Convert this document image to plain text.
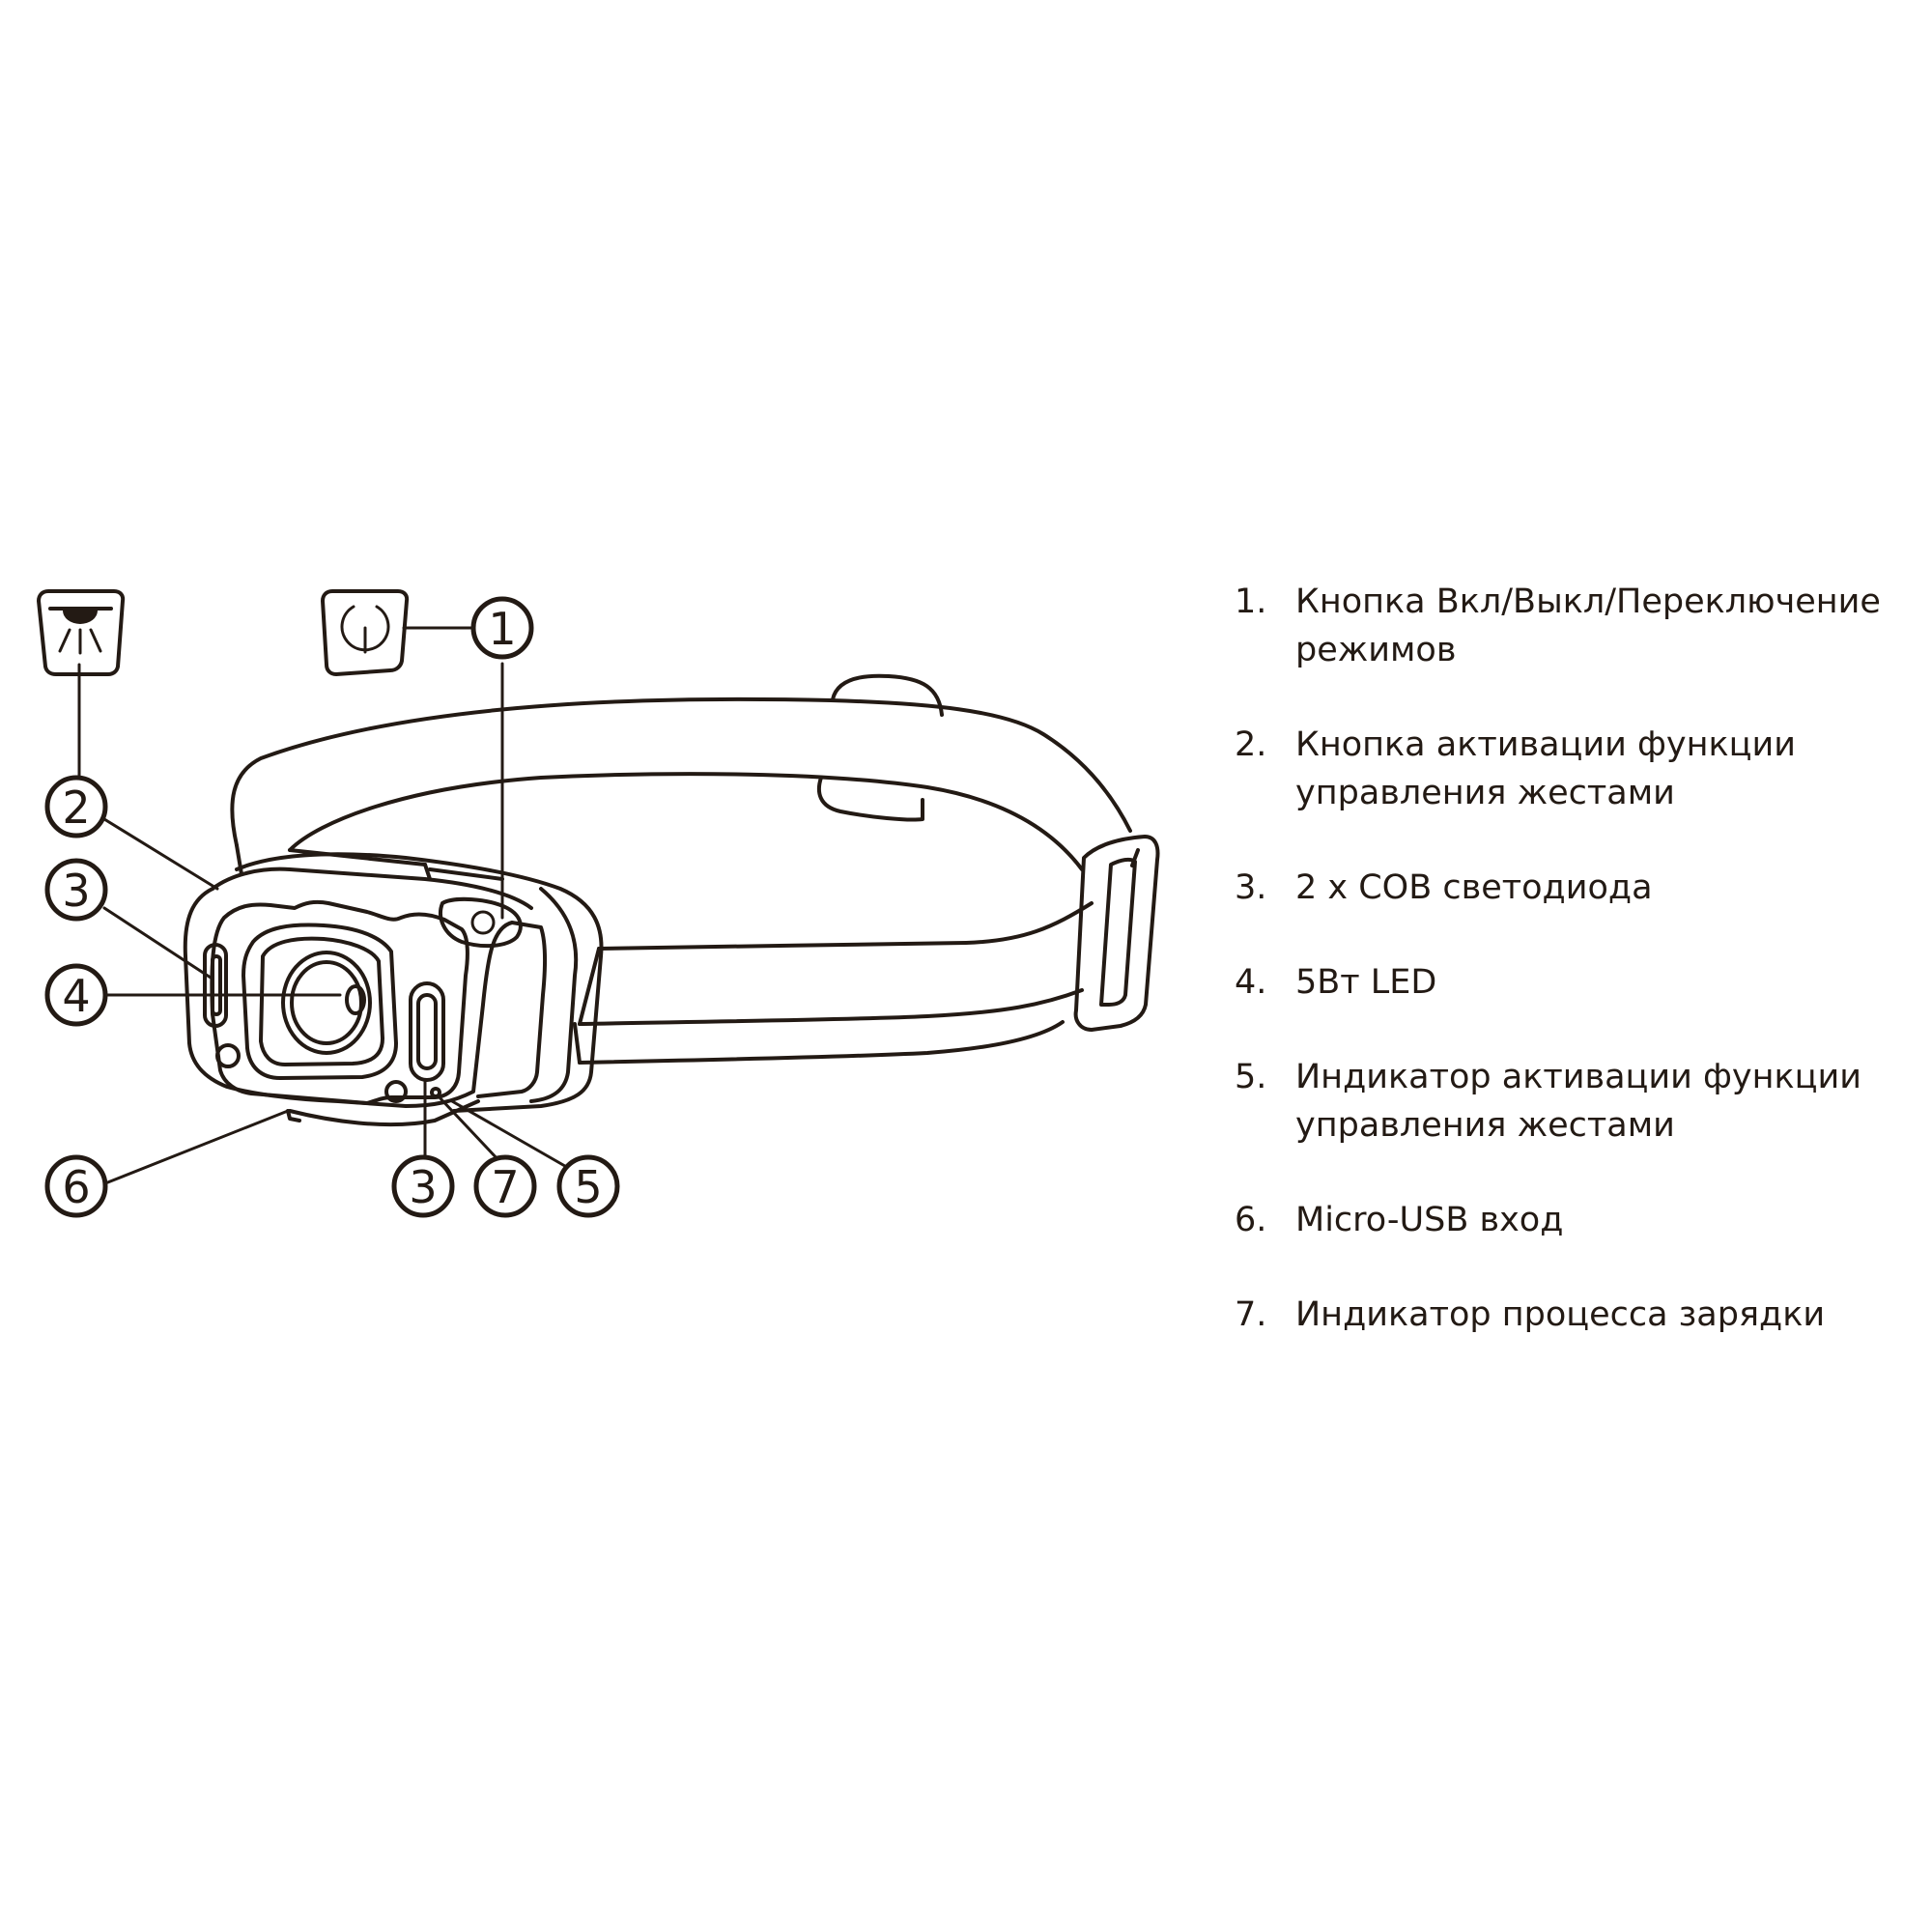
1
2
3
4
6	3 7 5
1. Кнопка Вкл/Выкл/Переключение
режимов
2. Кнопка активации функции
управления жестами
3. 2 x COB светодиода
4. 5Вт LED
5. Индикатор активации функции
управления жестами
6. Micro-USB вход
7. Индикатор процесса зарядки
